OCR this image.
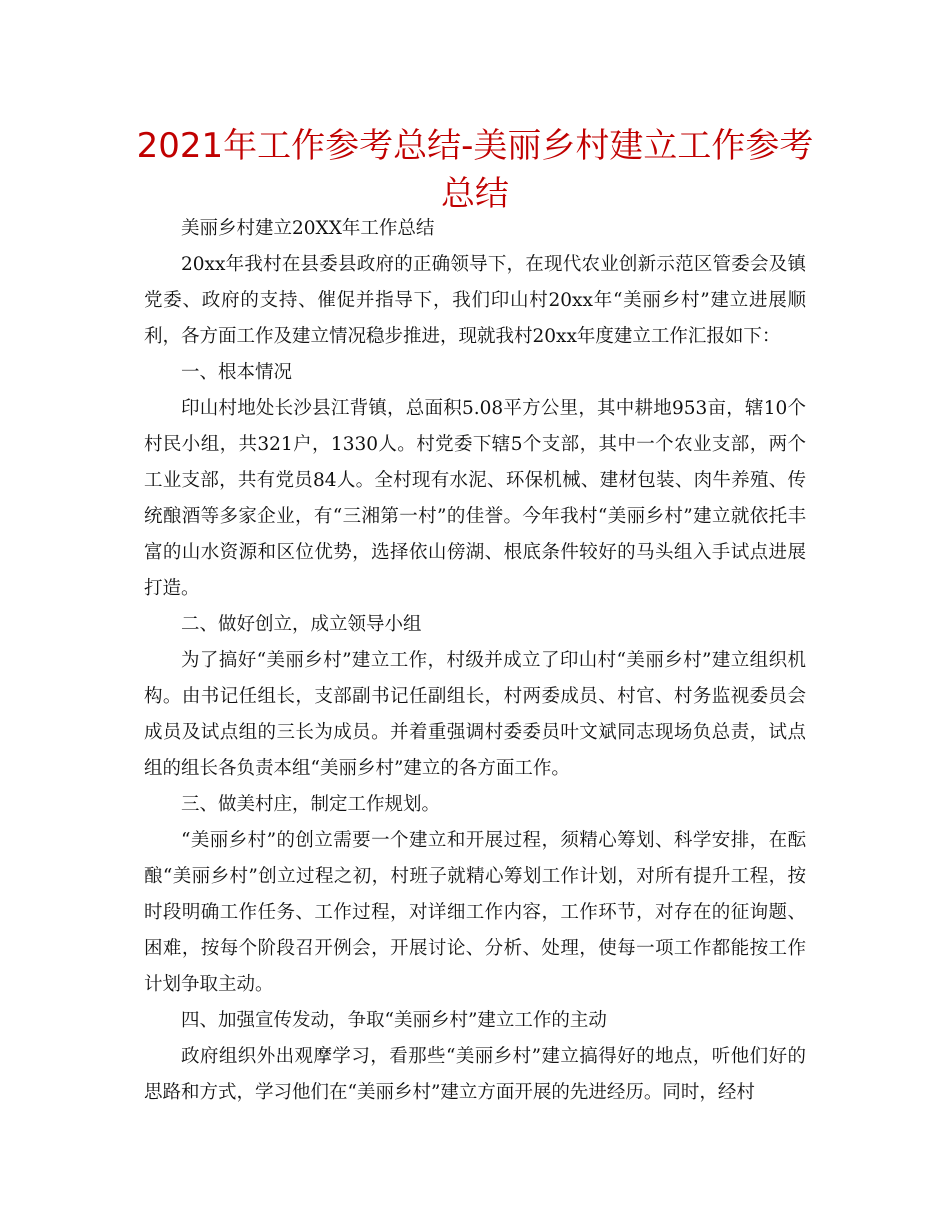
2021年工作参考总结-美丽乡村建立工作参考总结

美丽乡村建立20XX年工作总结

20xx年我村在县委县政府的正确领导下，在现代农业创新示范区管委会及镇党委、政府的支持、催促并指导下，我们印山村20xx年“美丽乡村”建立进展顺利，各方面工作及建立情况稳步推进，现就我村20xx年度建立工作汇报如下：

一、根本情况

印山村地处长沙县江背镇，总面积5.08平方公里，其中耕地953亩，辖10个村民小组，共321户，1330人。村党委下辖5个支部，其中一个农业支部，两个工业支部，共有党员84人。全村现有水泥、环保机械、建材包装、肉牛养殖、传统酿酒等多家企业，有“三湘第一村”的佳誉。今年我村“美丽乡村”建立就依托丰富的山水资源和区位优势，选择依山傍湖、根底条件较好的马头组入手试点进展打造。

二、做好创立，成立领导小组

为了搞好“美丽乡村”建立工作，村级并成立了印山村“美丽乡村”建立组织机构。由书记任组长，支部副书记任副组长，村两委成员、村官、村务监视委员会成员及试点组的三长为成员。并着重强调村委委员叶文斌同志现场负总责，试点组的组长各负责本组“美丽乡村”建立的各方面工作。

三、做美村庄，制定工作规划。

“美丽乡村”的创立需要一个建立和开展过程，须精心筹划、科学安排，在酝酿“美丽乡村”创立过程之初，村班子就精心筹划工作计划，对所有提升工程，按时段明确工作任务、工作过程，对详细工作内容，工作环节，对存在的征询题、困难，按每个阶段召开例会，开展讨论、分析、处理，使每一项工作都能按工作计划争取主动。

四、加强宣传发动，争取“美丽乡村”建立工作的主动

政府组织外出观摩学习，看那些“美丽乡村”建立搞得好的地点，听他们好的思路和方式，学习他们在“美丽乡村”建立方面开展的先进经历。同时，经村
